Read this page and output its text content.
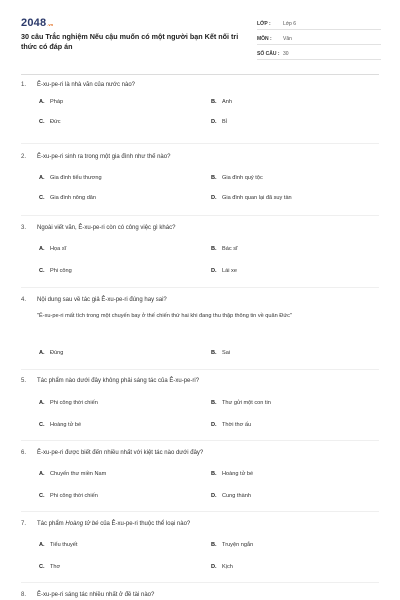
2048 .vn
30 câu Trắc nghiệm Nếu cậu muốn có một người bạn Kết nối tri thức có đáp án
LỚP :	Lớp 6
MÔN :	Văn
SỐ CÂU : 30
1.	Ê-xu-pe-ri là nhà văn của nước nào?
A. Pháp	B. Anh
C. Đức	D. Bỉ
2.	Ê-xu-pe-ri sinh ra trong một gia đình như thế nào?
A. Gia đình tiểu thương	B. Gia đình quý tộc
C. Gia đình nông dân	D. Gia đình quan lại đã suy tàn
3.	Ngoài viết văn, Ê-xu-pe-ri còn có công việc gì khác?
A. Họa sĩ	B. Bác sĩ
C. Phi công	D. Lái xe
4.	Nội dung sau về tác giả Ê-xu-pe-ri đúng hay sai?
"Ê-xu-pe-ri mất tích trong một chuyến bay ở thế chiến thứ hai khi đang thu thập thông tin về quân Đức"
A. Đúng	B. Sai
5.	Tác phẩm nào dưới đây không phải sáng tác của Ê-xu-pe-ri?
A. Phi công thời chiến	B. Thư gửi một con tin
C. Hoàng tử bé	D. Thời thơ ấu
6.	Ê-xu-pe-ri được biết đến nhiều nhất với kiệt tác nào dưới đây?
A. Chuyến thư miền Nam	B. Hoàng tử bé
C. Phi công thời chiến	D. Cung thành
7.	Tác phẩm Hoàng tử bé của Ê-xu-pe-ri thuộc thể loại nào?
A. Tiểu thuyết	B. Truyện ngắn
C. Thơ	D. Kịch
8.	Ê-xu-pe-ri sáng tác nhiều nhất ở đề tài nào?
